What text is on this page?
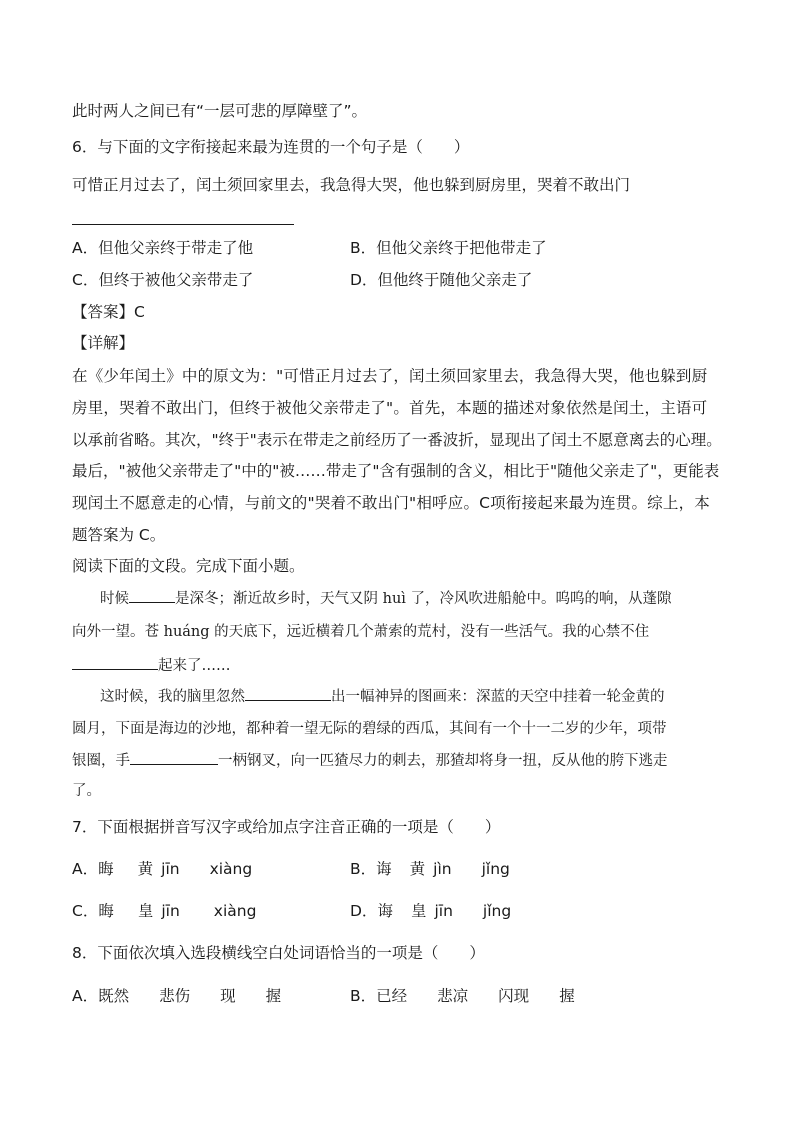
此时两人之间已有“一层可悲的厚障壁了”。
6．与下面的文字衔接起来最为连贯的一个句子是（　　）
可惜正月过去了，闰土须回家里去，我急得大哭，他也躲到厨房里，哭着不敢出门
A．但他父亲终于带走了他	B．但他父亲终于把他带走了
C．但终于被他父亲带走了	D．但他终于随他父亲走了
【答案】C
【详解】
在《少年闰土》中的原文为："可惜正月过去了，闰土须回家里去，我急得大哭，他也躲到厨
房里，哭着不敢出门，但终于被他父亲带走了"。首先，本题的描述对象依然是闰土，主语可
以承前省略。其次，"终于"表示在带走之前经历了一番波折，显现出了闰土不愿意离去的心理。
最后，"被他父亲带走了"中的"被……带走了"含有强制的含义，相比于"随他父亲走了"，更能表
现闰土不愿意走的心情，与前文的"哭着不敢出门"相呼应。C项衔接起来最为连贯。综上，本
题答案为 C。
阅读下面的文段。完成下面小题。
时候	是深冬；渐近故乡时，天气又阴 huì 了，冷风吹进船舱中。呜呜的响，从蓬隙
向外一望。苍 huáng 的天底下，远近横着几个萧索的荒村，没有一些活气。我的心禁不住
起来了……
这时候，我的脑里忽然	出一幅神异的图画来：深蓝的天空中挂着一轮金黄的
圆月，下面是海边的沙地，都种着一望无际的碧绿的西瓜，其间有一个十一二岁的少年，项带
银圈，手	一柄钢叉，向一匹猹尽力的刺去，那猹却将身一扭，反从他的胯下逃走
了。
7．下面根据拼音写汉字或给加点字注音正确的一项是（　　）
A．晦 黄 jīn xiàng	B．诲 黄 jìn jǐng
C．晦 皇 jīn xiàng	D．诲 皇 jīn jǐng
8．下面依次填入选段横线空白处词语恰当的一项是（　　）
A．既然 悲伤 现 握	B．已经 悲凉 闪现 握
